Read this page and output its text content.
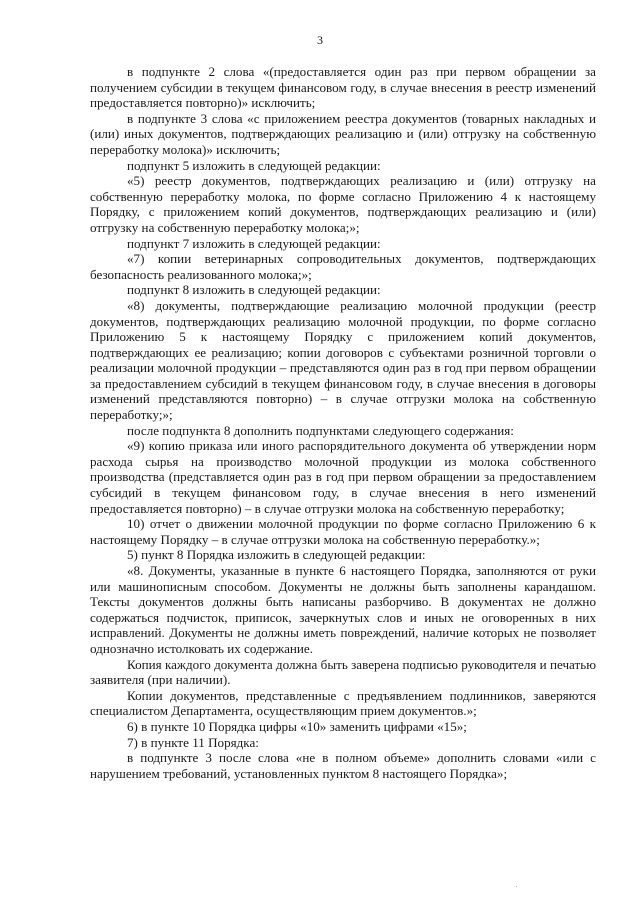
3

в подпункте 2 слова «(предоставляется один раз при первом обращении за получением субсидии в текущем финансовом году, в случае внесения в реестр изменений предоставляется повторно)» исключить;

в подпункте 3 слова «с приложением реестра документов (товарных накладных и (или) иных документов, подтверждающих реализацию и (или) отгрузку на собственную переработку молока)» исключить;

подпункт 5 изложить в следующей редакции:

«5) реестр документов, подтверждающих реализацию и (или) отгрузку на собственную переработку молока, по форме согласно Приложению 4 к настоящему Порядку, с приложением копий документов, подтверждающих реализацию и (или) отгрузку на собственную переработку молока;»;

подпункт 7 изложить в следующей редакции:

«7) копии ветеринарных сопроводительных документов, подтверждающих безопасность реализованного молока;»;

подпункт 8 изложить в следующей редакции:

«8) документы, подтверждающие реализацию молочной продукции (реестр документов, подтверждающих реализацию молочной продукции, по форме согласно Приложению 5 к настоящему Порядку с приложением копий документов, подтверждающих ее реализацию; копии договоров с субъектами розничной торговли о реализации молочной продукции – представляются один раз в год при первом обращении за предоставлением субсидий в текущем финансовом году, в случае внесения в договоры изменений представляются повторно) – в случае отгрузки молока на собственную переработку;»;

после подпункта 8 дополнить подпунктами следующего содержания:

«9) копию приказа или иного распорядительного документа об утверждении норм расхода сырья на производство молочной продукции из молока собственного производства (представляется один раз в год при первом обращении за предоставлением субсидий в текущем финансовом году, в случае внесения в него изменений предоставляется повторно) – в случае отгрузки молока на собственную переработку;

10) отчет о движении молочной продукции по форме согласно Приложению 6 к настоящему Порядку – в случае отгрузки молока на собственную переработку.»;

5) пункт 8 Порядка изложить в следующей редакции:

«8. Документы, указанные в пункте 6 настоящего Порядка, заполняются от руки или машинописным способом. Документы не должны быть заполнены карандашом. Тексты документов должны быть написаны разборчиво. В документах не должно содержаться подчисток, приписок, зачеркнутых слов и иных не оговоренных в них исправлений. Документы не должны иметь повреждений, наличие которых не позволяет однозначно истолковать их содержание.

Копия каждого документа должна быть заверена подписью руководителя и печатью заявителя (при наличии).

Копии документов, представленные с предъявлением подлинников, заверяются специалистом Департамента, осуществляющим прием документов.»;

6) в пункте 10 Порядка цифры «10» заменить цифрами «15»;

7) в пункте 11 Порядка:

в подпункте 3 после слова «не в полном объеме» дополнить словами «или с нарушением требований, установленных пунктом 8 настоящего Порядка»;
